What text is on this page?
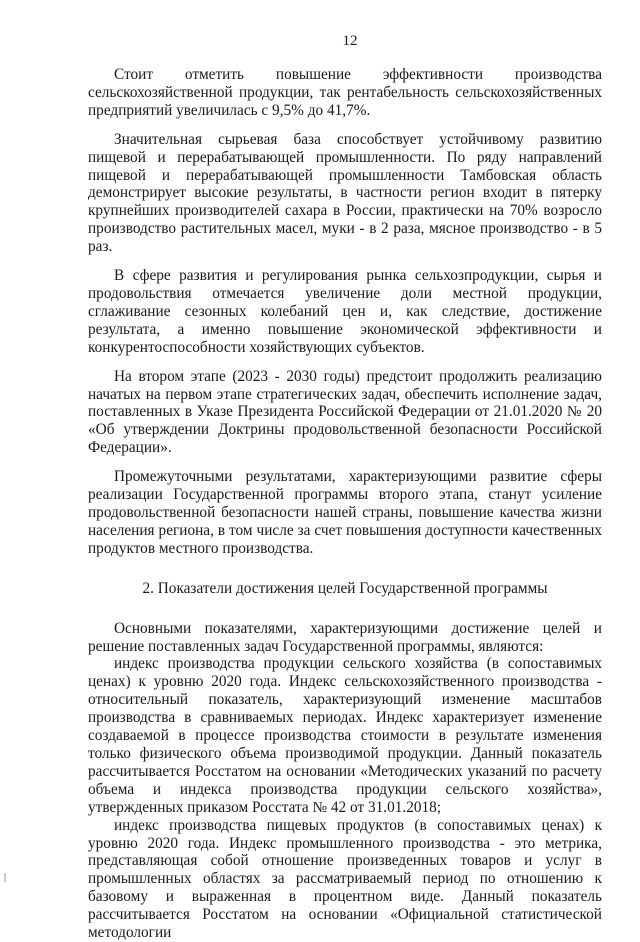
12

Стоит отметить повышение эффективности производства сельскохозяйственной продукции, так рентабельность сельскохозяйственных предприятий увеличилась с 9,5% до 41,7%.

Значительная сырьевая база способствует устойчивому развитию пищевой и перерабатывающей промышленности. По ряду направлений пищевой и перерабатывающей промышленности Тамбовская область демонстрирует высокие результаты, в частности регион входит в пятерку крупнейших производителей сахара в России, практически на 70% возросло производство растительных масел, муки - в 2 раза, мясное производство - в 5 раз.

В сфере развития и регулирования рынка сельхозпродукции, сырья и продовольствия отмечается увеличение доли местной продукции, сглаживание сезонных колебаний цен и, как следствие, достижение результата, а именно повышение экономической эффективности и конкурентоспособности хозяйствующих субъектов.

На втором этапе (2023 - 2030 годы) предстоит продолжить реализацию начатых на первом этапе стратегических задач, обеспечить исполнение задач, поставленных в Указе Президента Российской Федерации от 21.01.2020 № 20 «Об утверждении Доктрины продовольственной безопасности Российской Федерации».

Промежуточными результатами, характеризующими развитие сферы реализации Государственной программы второго этапа, станут усиление продовольственной безопасности нашей страны, повышение качества жизни населения региона, в том числе за счет повышения доступности качественных продуктов местного производства.

2. Показатели достижения целей Государственной программы

Основными показателями, характеризующими достижение целей и решение поставленных задач Государственной программы, являются:

индекс производства продукции сельского хозяйства (в сопоставимых ценах) к уровню 2020 года. Индекс сельскохозяйственного производства - относительный показатель, характеризующий изменение масштабов производства в сравниваемых периодах. Индекс характеризует изменение создаваемой в процессе производства стоимости в результате изменения только физического объема производимой продукции. Данный показатель рассчитывается Росстатом на основании «Методических указаний по расчету объема и индекса производства продукции сельского хозяйства», утвержденных приказом Росстата № 42 от 31.01.2018;

индекс производства пищевых продуктов (в сопоставимых ценах) к уровню 2020 года. Индекс промышленного производства - это метрика, представляющая собой отношение произведенных товаров и услуг в промышленных областях за рассматриваемый период по отношению к базовому и выраженная в процентном виде. Данный показатель рассчитывается Росстатом на основании «Официальной статистической методологии
